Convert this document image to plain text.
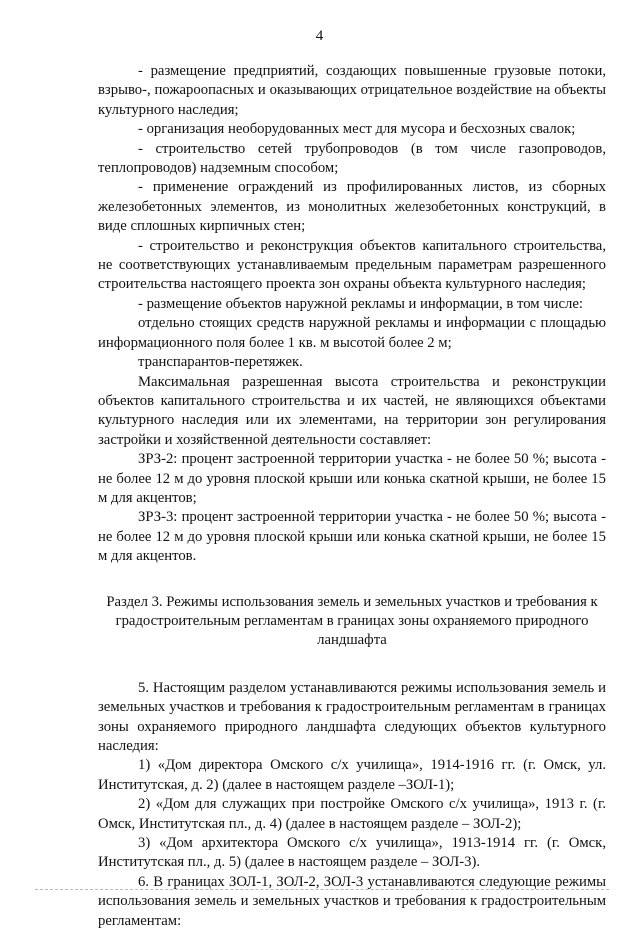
4

- размещение предприятий, создающих повышенные грузовые потоки, взрыво-, пожароопасных и оказывающих отрицательное воздействие на объекты культурного наследия;

- организация необорудованных мест для мусора и бесхозных свалок;

- строительство сетей трубопроводов (в том числе газопроводов, теплопроводов) надземным способом;

- применение ограждений из профилированных листов, из сборных железобетонных элементов, из монолитных железобетонных конструкций, в виде сплошных кирпичных стен;

- строительство и реконструкция объектов капитального строительства, не соответствующих устанавливаемым предельным параметрам разрешенного строительства настоящего проекта зон охраны объекта культурного наследия;

- размещение объектов наружной рекламы и информации, в том числе:

отдельно стоящих средств наружной рекламы и информации с площадью информационного поля более 1 кв. м высотой более 2 м;

транспарантов-перетяжек.

Максимальная разрешенная высота строительства и реконструкции объектов капитального строительства и их частей, не являющихся объектами культурного наследия или их элементами, на территории зон регулирования застройки и хозяйственной деятельности составляет:

ЗРЗ-2: процент застроенной территории участка - не более 50 %; высота - не более 12 м до уровня плоской крыши или конька скатной крыши, не более 15 м для акцентов;

ЗРЗ-3: процент застроенной территории участка - не более 50 %; высота - не более 12 м до уровня плоской крыши или конька скатной крыши, не более 15 м для акцентов.

Раздел 3. Режимы использования земель и земельных участков и требования к градостроительным регламентам в границах зоны охраняемого природного ландшафта

5. Настоящим разделом устанавливаются режимы использования земель и земельных участков и требования к градостроительным регламентам в границах зоны охраняемого природного ландшафта следующих объектов культурного наследия:

1) «Дом директора Омского с/х училища», 1914-1916 гг. (г. Омск, ул. Институтская, д. 2) (далее в настоящем разделе –ЗОЛ-1);

2) «Дом для служащих при постройке Омского с/х училища», 1913 г. (г. Омск, Институтская пл., д. 4) (далее в настоящем разделе – ЗОЛ-2);

3) «Дом архитектора Омского с/х училища», 1913-1914 гг. (г. Омск, Институтская пл., д. 5) (далее в настоящем разделе – ЗОЛ-3).

6. В границах ЗОЛ-1, ЗОЛ-2, ЗОЛ-3 устанавливаются следующие режимы использования земель и земельных участков и требования к градостроительным регламентам:
